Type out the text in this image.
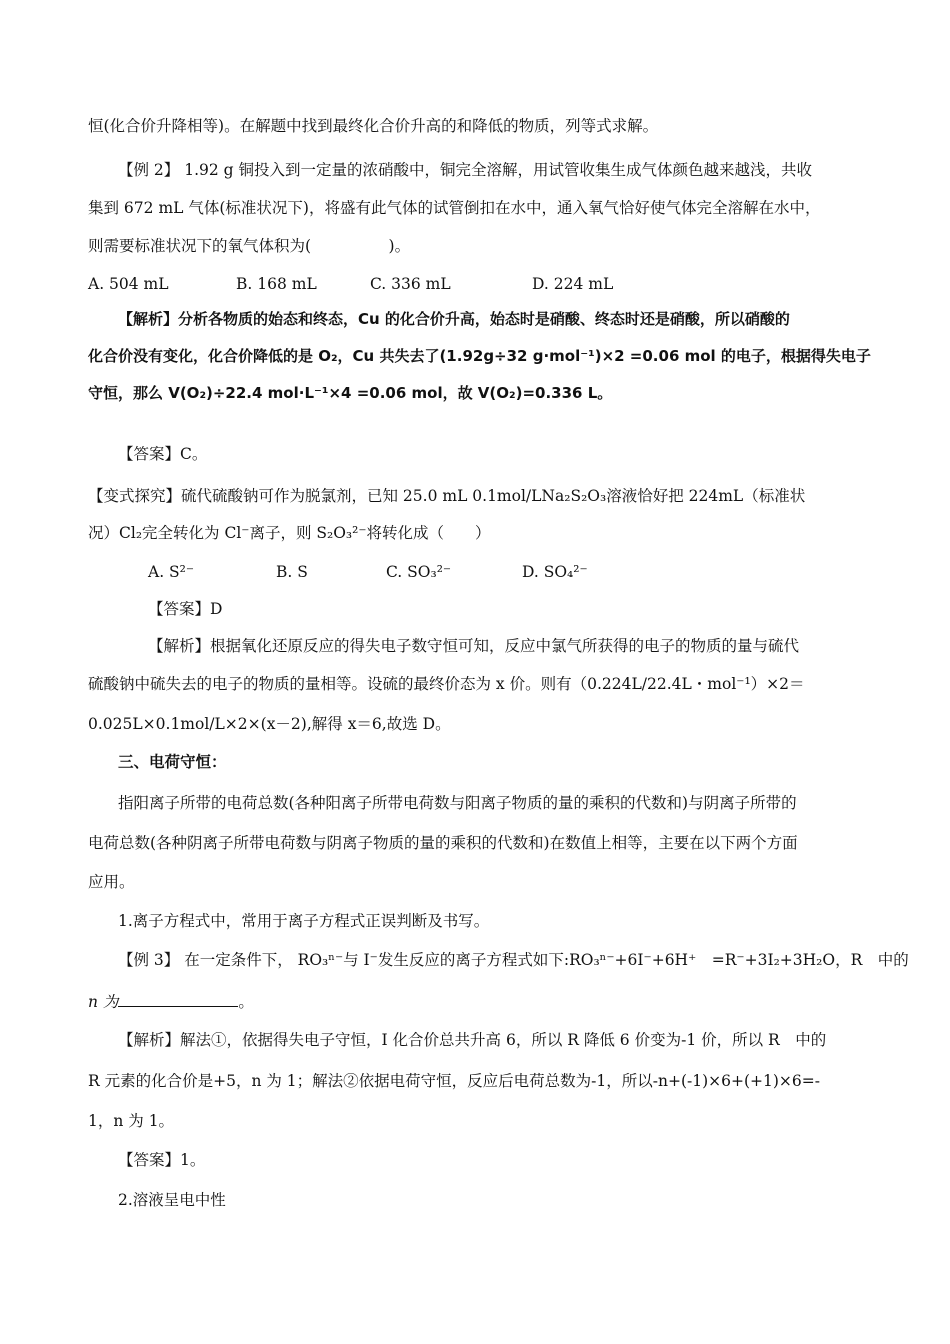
恒(化合价升降相等)。在解题中找到最终化合价升高的和降低的物质，列等式求解。
【例 2】 1.92 g 铜投入到一定量的浓硝酸中，铜完全溶解，用试管收集生成气体颜色越来越浅，共收
集到 672 mL 气体(标准状况下)，将盛有此气体的试管倒扣在水中，通入氧气恰好使气体完全溶解在水中，
则需要标准状况下的氧气体积为(　　　　　)。
A. 504 mL	B. 168 mL	C. 336 mL	D. 224 mL
【解析】分析各物质的始态和终态，Cu 的化合价升高，始态时是硝酸、终态时还是硝酸，所以硝酸的
化合价没有变化，化合价降低的是 O₂，Cu 共失去了(1.92g÷32 g·mol⁻¹)×2 =0.06 mol 的电子，根据得失电子
守恒，那么 V(O₂)÷22.4 mol·L⁻¹×4 =0.06 mol，故 V(O₂)=0.336 L。
【答案】C。
【变式探究】硫代硫酸钠可作为脱氯剂，已知 25.0 mL 0.1mol/LNa₂S₂O₃溶液恰好把 224mL（标准状
况）Cl₂完全转化为 Cl⁻离子，则 S₂O₃²⁻将转化成（　　）
A. S²⁻	B. S	C. SO₃²⁻	D. SO₄²⁻
【答案】D
【解析】根据氧化还原反应的得失电子数守恒可知，反应中氯气所获得的电子的物质的量与硫代
硫酸钠中硫失去的电子的物质的量相等。设硫的最终价态为 x 价。则有（0.224L/22.4L・mol⁻¹）×2＝
0.025L×0.1mol/L×2×(x－2),解得 x＝6,故选 D。
三、电荷守恒：
指阳离子所带的电荷总数(各种阳离子所带电荷数与阳离子物质的量的乘积的代数和)与阴离子所带的
电荷总数(各种阴离子所带电荷数与阴离子物质的量的乘积的代数和)在数值上相等，主要在以下两个方面
应用。
1.离子方程式中，常用于离子方程式正误判断及书写。
【例 3】 在一定条件下， RO₃ⁿ⁻与 I⁻发生反应的离子方程式如下:RO₃ⁿ⁻+6I⁻+6H⁺　=R⁻+3I₂+3H₂O，R　中的
n 为	。
【解析】解法①，依据得失电子守恒，I 化合价总共升高 6，所以 R 降低 6 价变为-1 价，所以 R　中的
R 元素的化合价是+5，n 为 1；解法②依据电荷守恒，反应后电荷总数为-1，所以-n+(-1)×6+(+1)×6=-
1，n 为 1。
【答案】1。
2.溶液呈电中性
